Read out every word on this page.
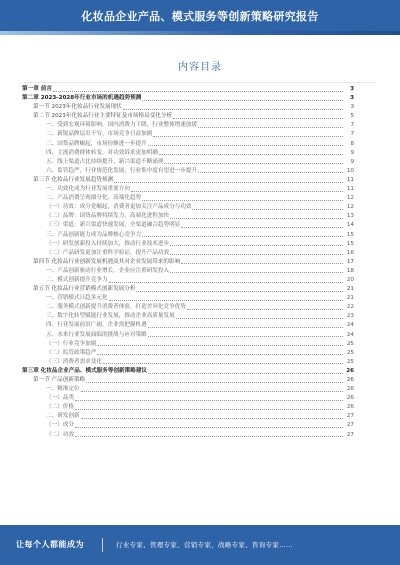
化妆品企业产品、模式服务等创新策略研究报告
内容目录
第一章 前言	3
第二章 2023-2028年行业市场的机遇趋势预测	3
第一节 2023年化妆品行业发展现状	3
第二节 2023年化妆品行业主要特征及市场格局变化分析	5
一、受到宏观环境影响，国内消费力下降，行业整体增速放缓	7
二、新锐品牌层出不穷，市场竞争日益加剧	7
三、国货品牌崛起，市场份额进一步提升	8
四、主流消费群体转变，对功效诉求更加明确	9
五、线上渠道占比持续提升，新兴渠道不断涌现	9
六、监管趋严，行业规范化发展，行业集中度有望进一步提升	10
第三节 化妆品行业发展趋势预测	11
一、功效化成为行业发展重要方向	11
二、产品消费呈现细分化、高端化趋势	12
（一）功效：成分党崛起，消费者更加关注产品成分与功效	12
（二）品牌：国货品牌持续发力，高端化进程加快	13
（三）渠道：新兴渠道快速发展，全渠道融合趋势明显	14
三、产品创新能力成为品牌核心竞争力	15
（一）研发创新投入持续加大，推动行业技术进步	15
（二）产品研发更加注重科学验证，提升产品功效	16
第四节 化妆品行业创新发展机遇及其对企业发展带来的影响	17
一、产品创新驱动行业增长，企业应注重研发投入	18
二、模式创新提升竞争力	20
第五节 化妆品行业营销模式创新发展分析	21
一、营销模式日趋多元化	21
二、服务模式创新提升消费者体验，打造差异化竞争优势	22
三、数字化转型赋能行业发展，推动企业高质量发展	23
四、行业发展前景广阔，企业需把握机遇	24
五、未来行业发展面临的挑战与应对策略	24
（一）行业竞争加剧	25
（二）监管政策趋严	25
（三）消费者需求变化	25
第三章 化妆品企业产品、模式服务等创新策略建议	26
第一节 产品创新策略	26
一、精准定位	26
（一）品类	26
（二）价格	26
二、研发创新	27
（一）成分	27
（二）功效	27
让每个人都能成为	行业专家、管理专家、营销专家、战略专家、咨询专家……
